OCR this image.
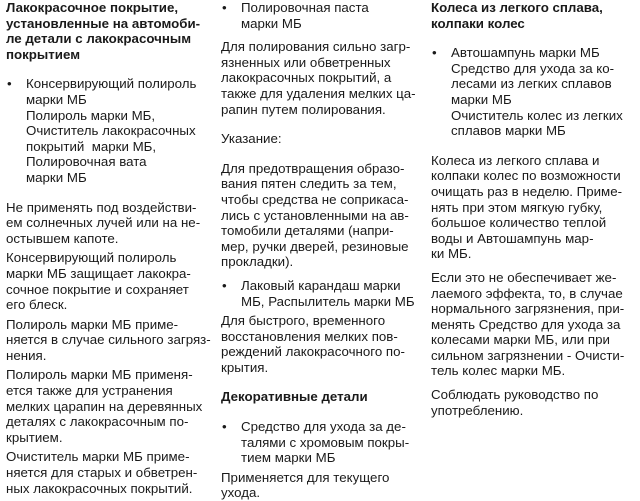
Лакокрасочное покрытие,
установленные на автомоби-
ле детали с лакокрасочным
покрытием
• Консервирующий полироль
марки МБ
Полироль марки МБ,
Очиститель лакокрасочных
покрытий  марки МБ,
Полировочная вата
марки МБ
Не применять под воздействи-
ем солнечных лучей или на не-
остывшем капоте.
Консервирующий полироль
марки МБ защищает лакокра-
сочное покрытие и сохраняет
его блеск.
Полироль марки МБ приме-
няется в случае сильного загряз-
нения.
Полироль марки МБ применя-
ется также для устранения
мелких царапин на деревянных
деталях с лакокрасочным по-
крытием.
Очиститель марки МБ приме-
няется для старых и обветрен-
ных лакокрасочных покрытий.
• Полировочная паста
марки МБ
Для полирования сильно загр-
язненных или обветренных
лакокрасочных покрытий, а
также для удаления мелких ца-
рапин путем полирования.
Указание:
Для предотвращения образо-
вания пятен следить за тем,
чтобы средства не соприкаса-
лись с установленными на ав-
томобили деталями (напри-
мер, ручки дверей, резиновые
прокладки).
• Лаковый карандаш марки
МБ, Распылитель марки МБ
Для быстрого, временного
восстановления мелких пов-
реждений лакокрасочного по-
крытия.
Декоративные детали
• Средство для ухода за де-
талями с хромовым покры-
тием марки МБ
Применяется для текущего
ухода.
Колеса из легкого сплава,
колпаки колес
• Автошампунь марки МБ
Средство для ухода за ко-
лесами из легких сплавов
марки МБ
Очиститель колес из легких
сплавов марки МБ
Колеса из легкого сплава и
колпаки колес по возможности
очищать раз в неделю. Приме-
нять при этом мягкую губку,
большое количество теплой
воды и Автошампунь мар-
ки МБ.
Если это не обеспечивает же-
лаемого эффекта, то, в случае
нормального загрязнения, при-
менять Средство для ухода за
колесами марки МБ, или при
сильном загрязнении - Очисти-
тель колес марки МБ.
Соблюдать руководство по
употреблению.
